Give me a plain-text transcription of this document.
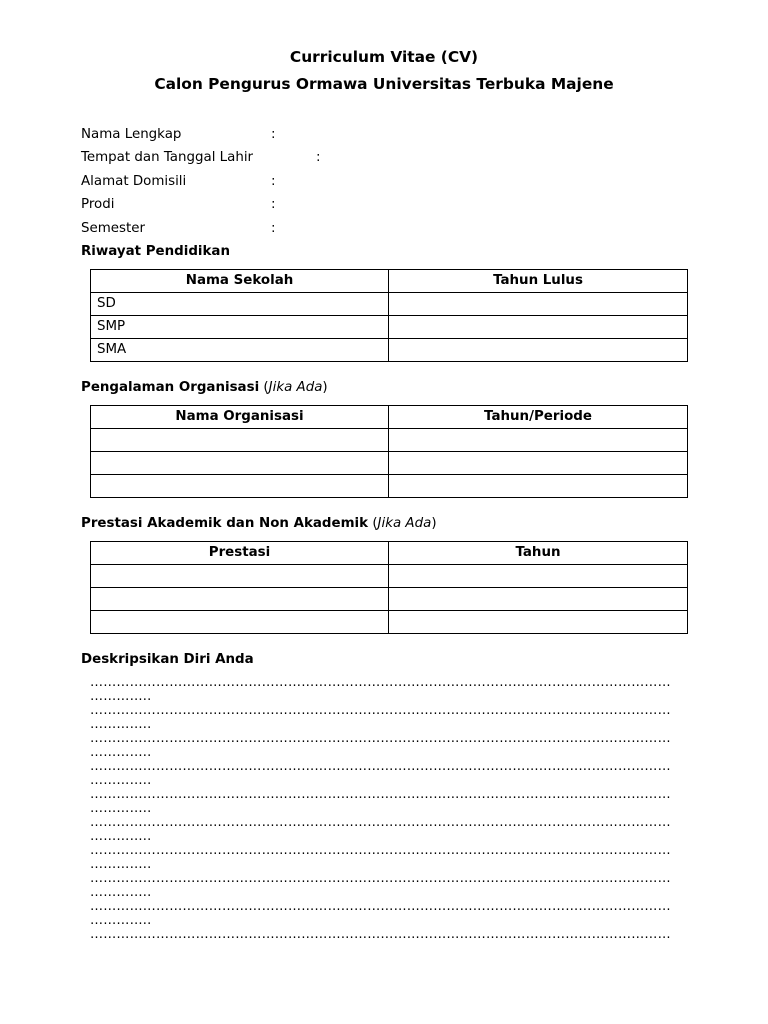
Curriculum Vitae (CV)
Calon Pengurus Ormawa Universitas Terbuka Majene
Nama Lengkap	:
Tempat dan Tanggal Lahir	:
Alamat Domisili	:
Prodi	:
Semester	:
Riwayat Pendidikan
Nama Sekolah	Tahun Lulus
SD	
SMP	
SMA	
Pengalaman Organisasi (Jika Ada)
Nama Organisasi	Tahun/Periode

Prestasi Akademik dan Non Akademik (Jika Ada)
Prestasi	Tahun

Deskripsikan Diri Anda
……………………………………………………………………………………………………………………
…………..
……………………………………………………………………………………………………………………
…………..
……………………………………………………………………………………………………………………
…………..
……………………………………………………………………………………………………………………
…………..
……………………………………………………………………………………………………………………
…………..
……………………………………………………………………………………………………………………
…………..
……………………………………………………………………………………………………………………
…………..
……………………………………………………………………………………………………………………
…………..
……………………………………………………………………………………………………………………
…………..
……………………………………………………………………………………………………………………
